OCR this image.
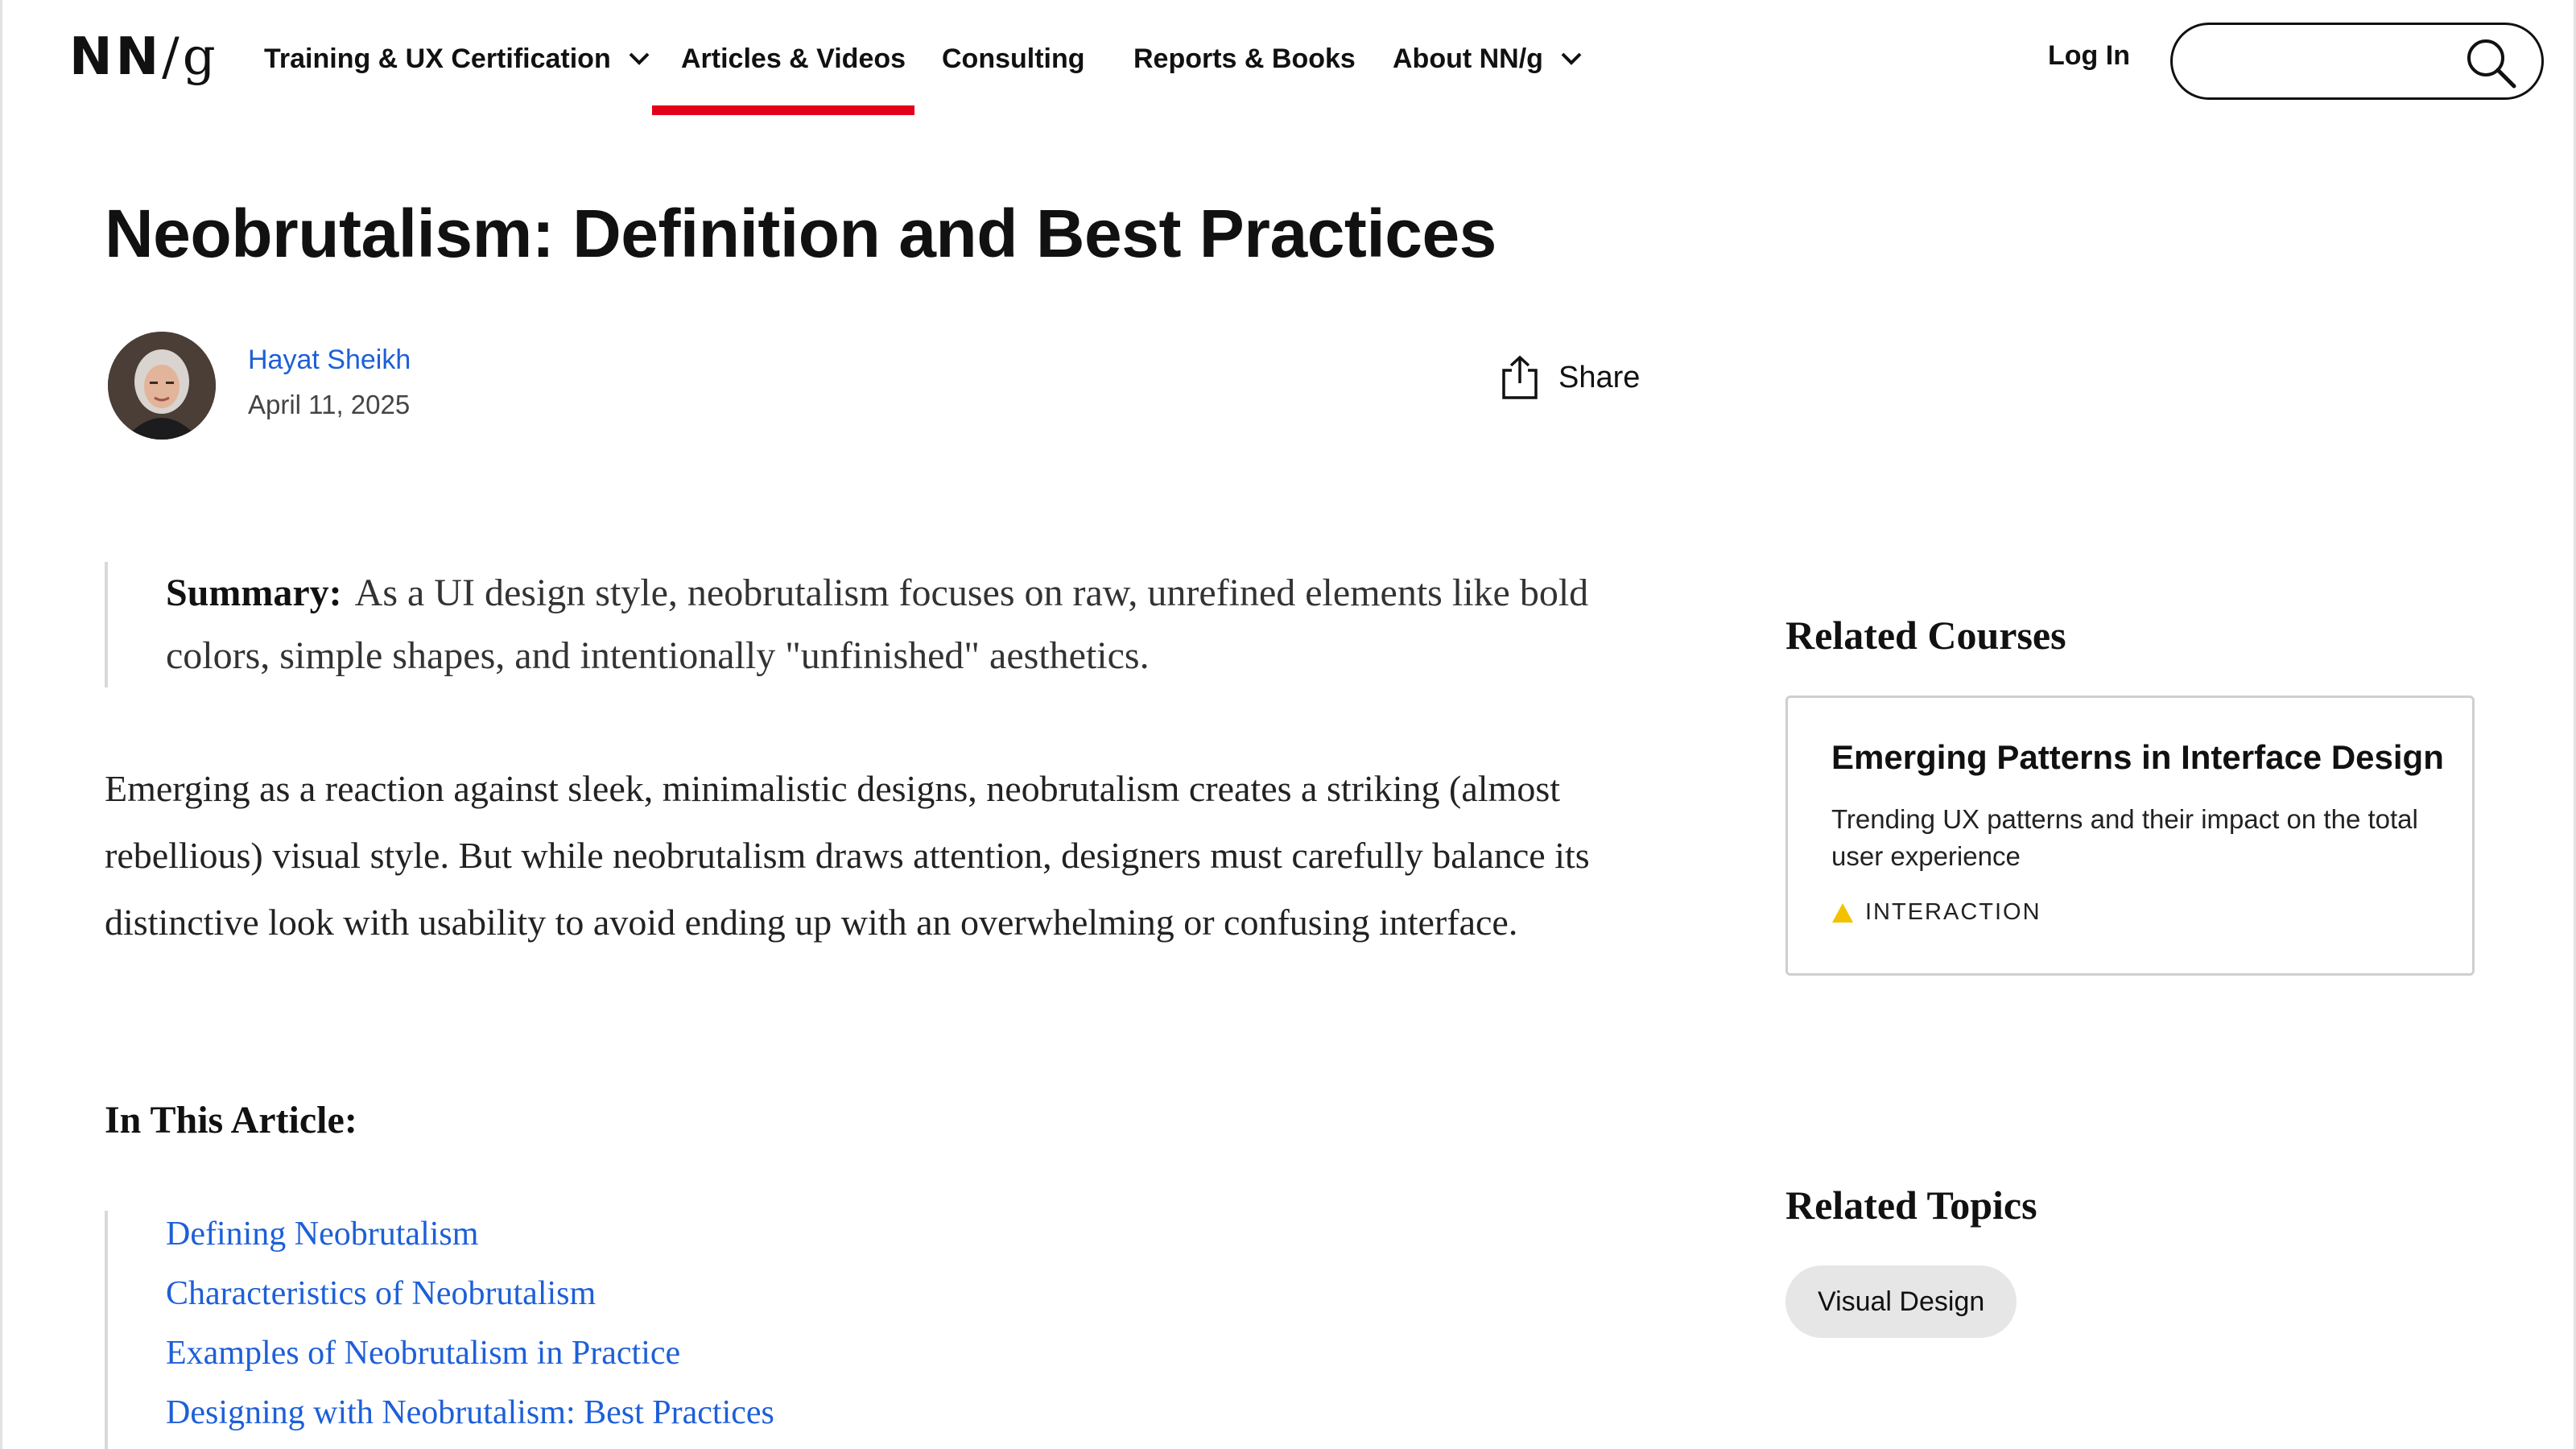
NN/g Training & UX Certification	Articles & Videos Consulting Reports & Books About NN/g	Log In
Neobrutalism: Definition and Best Practices
Hayat Sheikh
April 11, 2025
Share
Summary: As a UI design style, neobrutalism focuses on raw, unrefined elements like bold colors, simple shapes, and intentionally "unfinished" aesthetics.

Emerging as a reaction against sleek, minimalistic designs, neobrutalism creates a striking (almost rebellious) visual style. But while neobrutalism draws attention, designers must carefully balance its distinctive look with usability to avoid ending up with an overwhelming or confusing interface.

In This Article:
Defining Neobrutalism
Characteristics of Neobrutalism
Examples of Neobrutalism in Practice
Designing with Neobrutalism: Best Practices
Related Courses
Emerging Patterns in Interface Design
Trending UX patterns and their impact on the total user experience
INTERACTION
Related Topics
Visual Design
